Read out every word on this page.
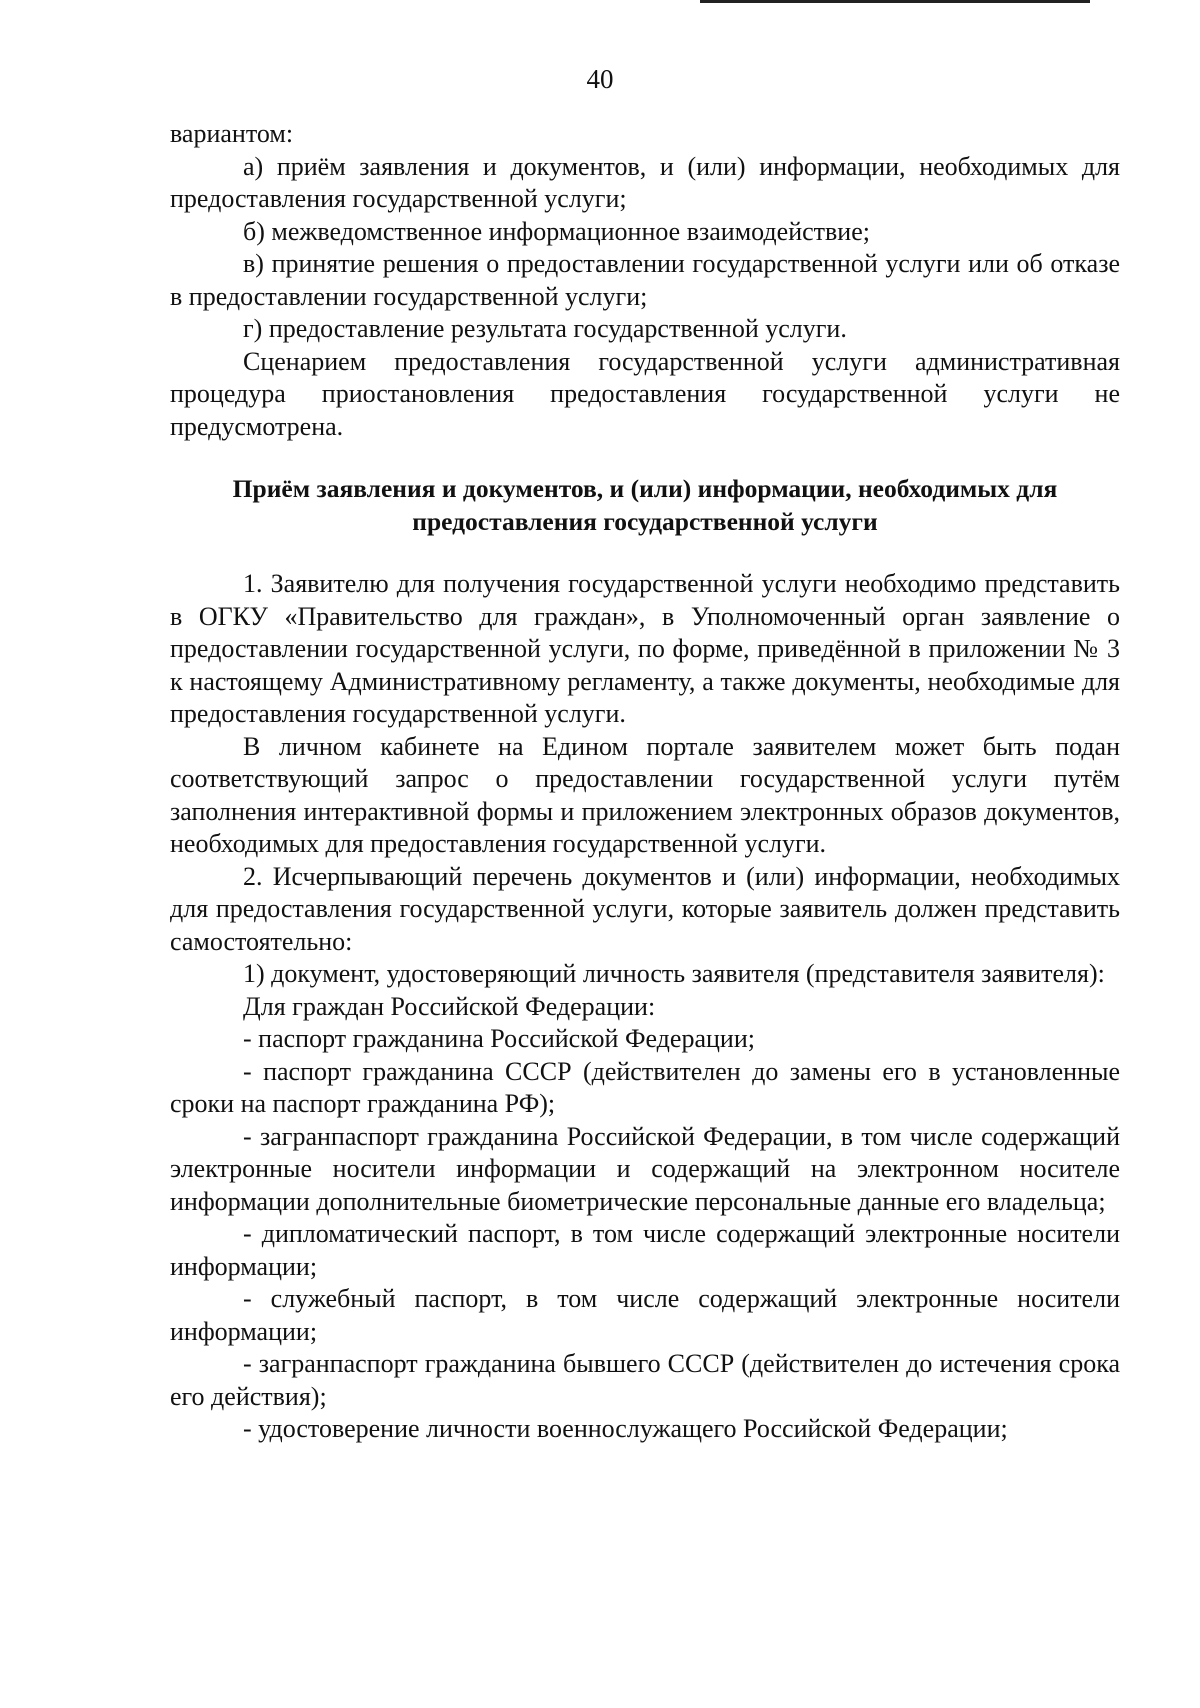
40

вариантом:

а) приём заявления и документов, и (или) информации, необходимых для предоставления государственной услуги;

б) межведомственное информационное взаимодействие;

в) принятие решения о предоставлении государственной услуги или об отказе в предоставлении государственной услуги;

г) предоставление результата государственной услуги.

Сценарием предоставления государственной услуги административная процедура приостановления предоставления государственной услуги не предусмотрена.

Приём заявления и документов, и (или) информации, необходимых для предоставления государственной услуги

1. Заявителю для получения государственной услуги необходимо представить в ОГКУ «Правительство для граждан», в Уполномоченный орган заявление о предоставлении государственной услуги, по форме, приведённой в приложении № 3 к настоящему Административному регламенту, а также документы, необходимые для предоставления государственной услуги.

В личном кабинете на Едином портале заявителем может быть подан соответствующий запрос о предоставлении государственной услуги путём заполнения интерактивной формы и приложением электронных образов документов, необходимых для предоставления государственной услуги.

2. Исчерпывающий перечень документов и (или) информации, необходимых для предоставления государственной услуги, которые заявитель должен представить самостоятельно:

1) документ, удостоверяющий личность заявителя (представителя заявителя):

Для граждан Российской Федерации:

- паспорт гражданина Российской Федерации;

- паспорт гражданина СССР (действителен до замены его в установленные сроки на паспорт гражданина РФ);

- загранпаспорт гражданина Российской Федерации, в том числе содержащий электронные носители информации и содержащий на электронном носителе информации дополнительные биометрические персональные данные его владельца;

- дипломатический паспорт, в том числе содержащий электронные носители информации;

- служебный паспорт, в том числе содержащий электронные носители информации;

- загранпаспорт гражданина бывшего СССР (действителен до истечения срока его действия);

- удостоверение личности военнослужащего Российской Федерации;
